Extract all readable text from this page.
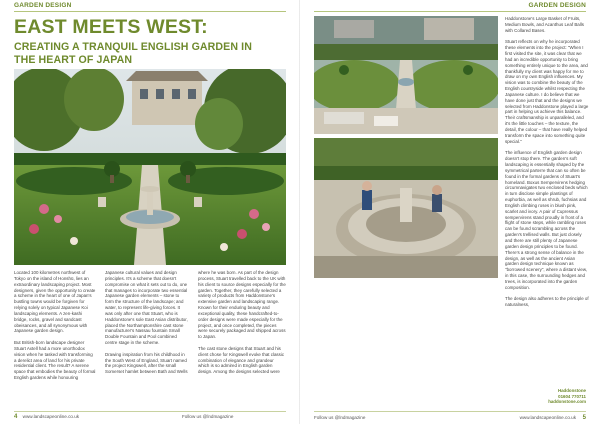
GARDEN DESIGN
EAST MEETS WEST:
CREATING A TRANQUIL ENGLISH GARDEN IN
THE HEART OF JAPAN

Located 100 kilometres northwest of Tokyo on the island of Honshū, lies an extraordinary landscaping project. Most designers, given the opportunity to create a scheme in the heart of one of Japan's bustling towns would be forgiven for relying solely on typical Japanese Koi landscaping elements. A zen-kashi bridge, rocks, gravel and sandcast obeisances, and all synonymous with Japanese garden design.

But British-born landscape designer Stuart Axtell had a more unorthodox vision when he tasked with transforming a derelict area of land for his private residential client. The result? A serene space that embodies the beauty of formal English gardens while honouring

Japanese cultural values and design principles. It's a scheme that doesn't compromise on what it sets out to do, one that manages to incorporate two essential Japanese garden elements – stone to form the structure of the landscape; and water, to represent life-giving forces. It was only after one that Stuart, who is Haddonstone's sole East Asian distributor, placed the Northamptonshire cast stone manufacturer's Nassau fountain Small Double Fountain and Pool combined centre stage in the scheme.

Drawing inspiration from his childhood in the South West of England, Stuart named the project Kingswell, after the small Somerset hamlet between Bath and Wells

where he was born. As part of the design process, Stuart travelled back to the UK with his client to source designs especially for the garden. Together, they carefully selected a variety of products from Haddonstone's extensive garden and landscaping range. Known for their enduring beauty and exceptional quality, these handcrafted-to-order designs were made especially for the project, and once completed, the pieces were securely packaged and shipped across to Japan.

The cast stone designs that Stuart and his client chose for Kingswell evoke that classic combination of elegance and grandeur which is so admired in English garden design. Among the designs selected were

4 www.landscapeonline.co.uk	Follow us @lndmagazine
GARDEN DESIGN

Haddonstone's Large Basket of Fruits, Medium Bowls, and Acanthus Leaf Balls with Collared Bases.

Stuart reflects on why he incorporated these elements into the project: "When I first visited the site, it was clear that we had an incredible opportunity to bring something entirely unique to the area, and thankfully my client was happy for me to draw on my own English influences. My vision was to combine the beauty of the English countryside whilst respecting the Japanese culture. I do believe that we have done just that and the designs we selected from Haddonstone played a large part in helping us achieve this balance. Their craftsmanship is unparalleled, and it's the little touches – the texture, the detail, the colour – that have really helped transform the space into something quite special."

The influence of English garden design doesn't stop there. The garden's soft landscaping is essentially shaped by the symmetrical parterre that can so often be found in the formal gardens of Stuart's homeland. Boxus Sempervirens hedging circumnavigates two enclosed beds which in turn disclose simple plantings of euphorbia, as well as shrub, fuchsias and English climbing roses in blush pink, scarlet and ivory. A pair of Cupressus sempervirens stand proudly in front of a flight of stone steps, while rambling roses can be found scrambling across the garden's trellised walls. But just closely and there are still plenty of Japanese garden design principles to be found. There's a strong sense of balance in the design, as well as the ancient Asian garden design technique known as "borrowed scenery", where a distant view, in this case, the surrounding hedges and trees, is incorporated into the garden composition.

The design also adheres to the principle of naturalness,

Haddonstone
01604 770711
haddonstone.com
Follow us @lndmagazine	www.landscapeonline.co.uk 5
